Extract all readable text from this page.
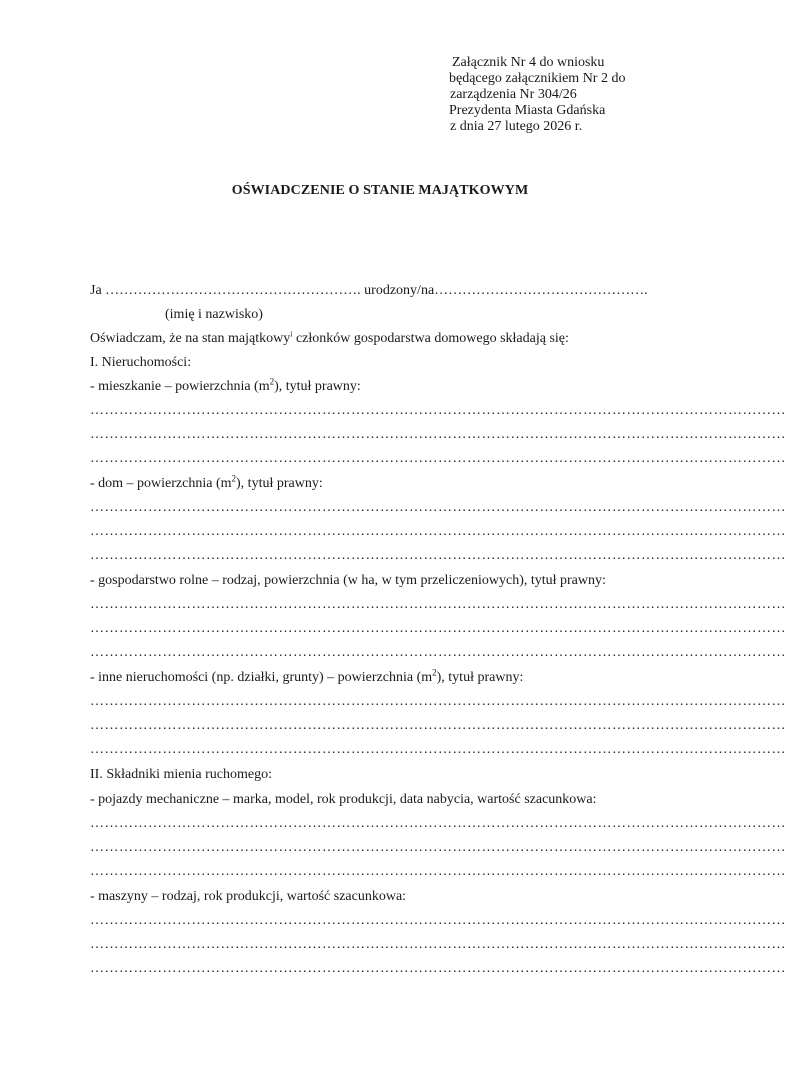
Załącznik Nr 4 do wniosku
będącego załącznikiem Nr 2 do
zarządzenia Nr 304/26
Prezydenta Miasta Gdańska
z dnia 27 lutego 2026 r.
OŚWIADCZENIE O STANIE MAJĄTKOWYM
Ja ………………………………………………. urodzony/na……………………………………….
(imię i nazwisko)
Oświadczam, że na stan majątkowy$^i$ członków gospodarstwa domowego składają się:
I. Nieruchomości:
- mieszkanie – powierzchnia $(m^2)$, tytuł prawny:
………………………………………………………………………………………………………………………………
………………………………………………………………………………………………………………………………
………………………………………………………………………………………………………………………………
- dom – powierzchnia $(m^2)$, tytuł prawny:
………………………………………………………………………………………………………………………………
………………………………………………………………………………………………………………………………
………………………………………………………………………………………………………………………………
- gospodarstwo rolne – rodzaj, powierzchnia (w ha, w tym przeliczeniowych), tytuł prawny:
………………………………………………………………………………………………………………………………
………………………………………………………………………………………………………………………………
………………………………………………………………………………………………………………………………
- inne nieruchomości (np. działki, grunty) – powierzchnia $(m^2)$, tytuł prawny:
………………………………………………………………………………………………………………………………
………………………………………………………………………………………………………………………………
………………………………………………………………………………………………………………………………
II. Składniki mienia ruchomego:
- pojazdy mechaniczne – marka, model, rok produkcji, data nabycia, wartość szacunkowa:
………………………………………………………………………………………………………………………………
………………………………………………………………………………………………………………………………
………………………………………………………………………………………………………………………………
- maszyny – rodzaj, rok produkcji, wartość szacunkowa:
………………………………………………………………………………………………………………………………
………………………………………………………………………………………………………………………………
………………………………………………………………………………………………………………………………
